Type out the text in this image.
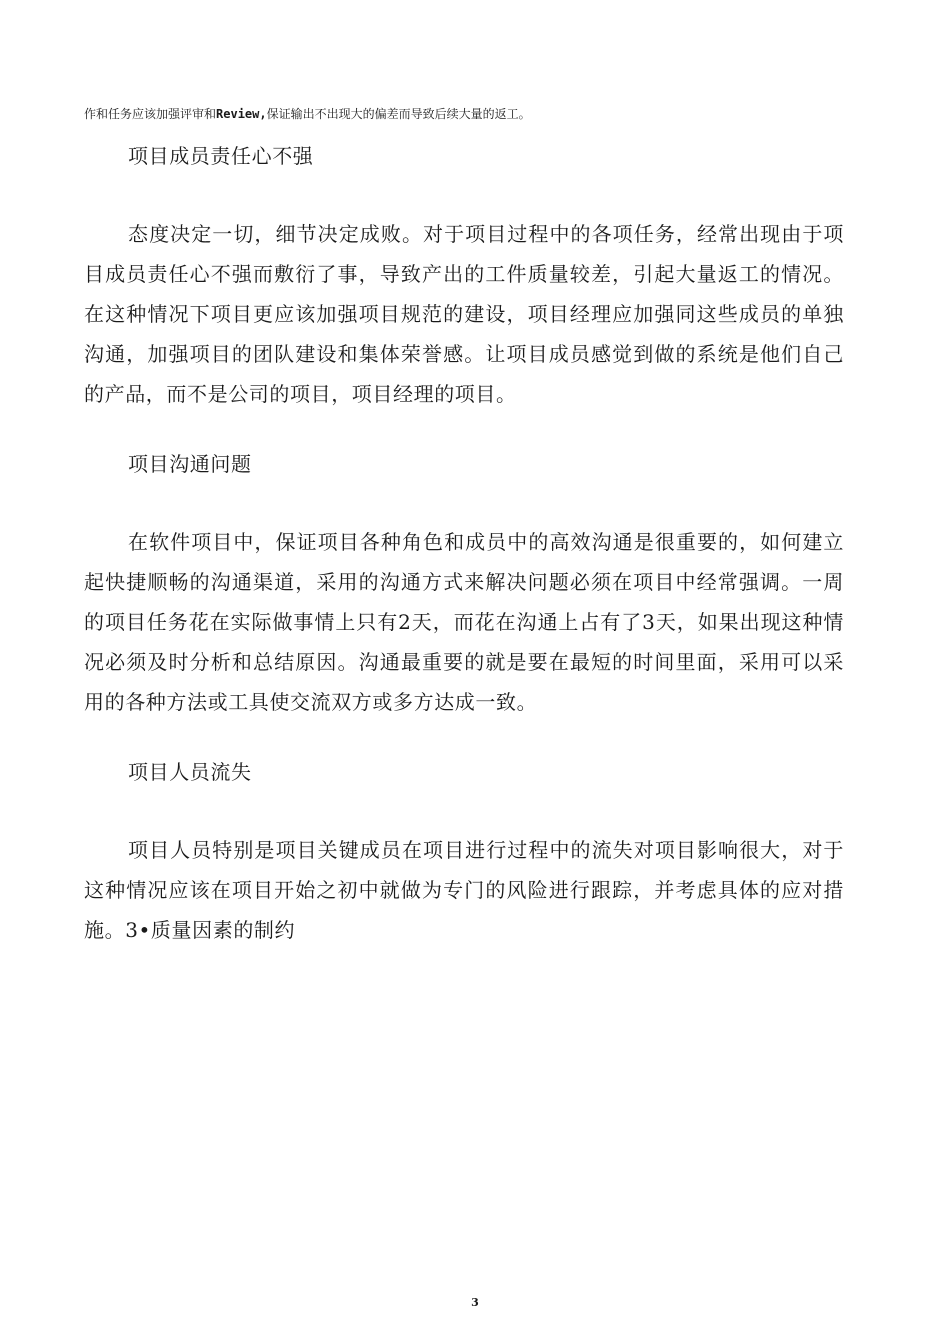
作和任务应该加强评审和Review,保证输出不出现大的偏差而导致后续大量的返工。

项目成员责任心不强

态度决定一切，细节决定成败。对于项目过程中的各项任务，经常出现由于项目成员责任心不强而敷衍了事，导致产出的工件质量较差，引起大量返工的情况。在这种情况下项目更应该加强项目规范的建设，项目经理应加强同这些成员的单独沟通，加强项目的团队建设和集体荣誉感。让项目成员感觉到做的系统是他们自己的产品，而不是公司的项目，项目经理的项目。

项目沟通问题

在软件项目中，保证项目各种角色和成员中的高效沟通是很重要的，如何建立起快捷顺畅的沟通渠道，采用的沟通方式来解决问题必须在项目中经常强调。一周的项目任务花在实际做事情上只有2天，而花在沟通上占有了3天，如果出现这种情况必须及时分析和总结原因。沟通最重要的就是要在最短的时间里面，采用可以采用的各种方法或工具使交流双方或多方达成一致。

项目人员流失

项目人员特别是项目关键成员在项目进行过程中的流失对项目影响很大，对于这种情况应该在项目开始之初中就做为专门的风险进行跟踪，并考虑具体的应对措施。3•质量因素的制约

3
